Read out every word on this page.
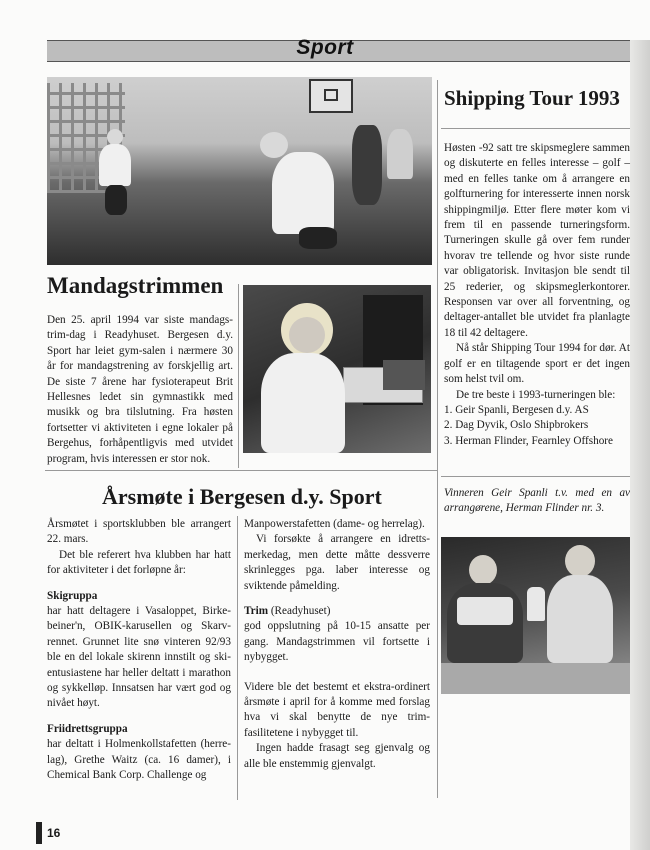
Sport
Mandagstrimmen
Den 25. april 1994 var siste mandags-trim-dag i Readyhuset. Bergesen d.y. Sport har leiet gym-salen i nærmere 30 år for mandagstrening av forskjellig art. De siste 7 årene har fysioterapeut Brit Hellesnes ledet sin gymnastikk med musikk og bra tilslutning. Fra høsten fortsetter vi aktiviteten i egne lokaler på Bergehus, forhåpentligvis med utvidet program, hvis interessen er stor nok.
Shipping Tour 1993

Høsten -92 satt tre skipsmeglere sammen og diskuterte en felles interesse – golf – med en felles tanke om å arrangere en golfturnering for interesserte innen norsk shippingmiljø. Etter flere møter kom vi frem til en passende turneringsform. Turneringen skulle gå over fem runder hvorav tre tellende og hvor siste runde var obligatorisk. Invitasjon ble sendt til 25 rederier, og skipsmeglerkontorer. Responsen var over all forventning, og deltager-antallet ble utvidet fra planlagte 18 til 42 deltagere.

Nå står Shipping Tour 1994 for dør. At golf er en tiltagende sport er det ingen som helst tvil om.

De tre beste i 1993-turneringen ble:

1. Geir Spanli, Bergesen d.y. AS

2. Dag Dyvik, Oslo Shipbrokers

3. Herman Flinder, Fearnley Offshore

Vinneren Geir Spanli t.v. med en av arrangørene, Herman Flinder nr. 3.
Årsmøte i Bergesen d.y. Sport

Årsmøtet i sportsklubben ble arrangert 22. mars.

Det ble referert hva klubben har hatt for aktiviteter i det forløpne år:

Skigruppa

har hatt deltagere i Vasaloppet, Birke-beiner'n, OBIK-karusellen og Skarv-rennet. Grunnet lite snø vinteren 92/93 ble en del lokale skirenn innstilt og ski-entusiastene har heller deltatt i marathon og sykkelløp. Innsatsen har vært god og nivået høyt.

Friidrettsgruppa

har deltatt i Holmenkollstafetten (herre-lag), Grethe Waitz (ca. 16 damer), i Chemical Bank Corp. Challenge og

Manpowerstafetten (dame- og herrelag).

Vi forsøkte å arrangere en idretts-merkedag, men dette måtte dessverre skrinlegges pga. laber interesse og sviktende påmelding.

Trim (Readyhuset)

god oppslutning på 10-15 ansatte per gang. Mandagstrimmen vil fortsette i nybygget.

Videre ble det bestemt et ekstra-ordinert årsmøte i april for å komme med forslag hva vi skal benytte de nye trim-fasilitetene i nybygget til.

Ingen hadde frasagt seg gjenvalg og alle ble enstemmig gjenvalgt.

16
